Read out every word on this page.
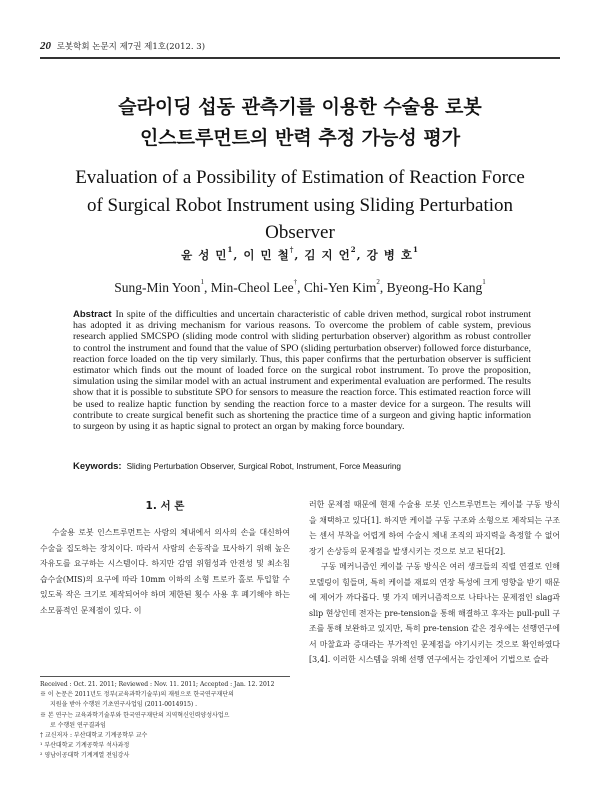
20 로봇학회 논문지 제7권 제1호(2012. 3)
슬라이딩 섭동 관측기를 이용한 수술용 로봇
인스트루먼트의 반력 추정 가능성 평가
Evaluation of a Possibility of Estimation of Reaction Force
of Surgical Robot Instrument using Sliding Perturbation
Observer
윤 성 민$^1$, 이 민 철†, 김 지 언$^2$, 강 병 호$^1$
Sung-Min Yoon$^1$, Min-Cheol Lee†, Chi-Yen Kim$^2$, Byeong-Ho Kang$^1$
Abstract In spite of the difficulties and uncertain characteristic of cable driven method, surgical robot instrument has adopted it as driving mechanism for various reasons. To overcome the problem of cable system, previous research applied SMCSPO (sliding mode control with sliding perturbation observer) algorithm as robust controller to control the instrument and found that the value of SPO (sliding perturbation observer) followed force disturbance, reaction force loaded on the tip very similarly. Thus, this paper confirms that the perturbation observer is sufficient estimator which finds out the mount of loaded force on the surgical robot instrument. To prove the proposition, simulation using the similar model with an actual instrument and experimental evaluation are performed. The results show that it is possible to substitute SPO for sensors to measure the reaction force. This estimated reaction force will be used to realize haptic function by sending the reaction force to a master device for a surgeon. The results will contribute to create surgical benefit such as shortening the practice time of a surgeon and giving haptic information to surgeon by using it as haptic signal to protect an organ by making force boundary.
Keywords: Sliding Perturbation Observer, Surgical Robot, Instrument, Force Measuring
1. 서 론

수술용 로봇 인스트루먼트는 사람의 체내에서 의사의 손을 대신하여 수술을 집도하는 장치이다. 따라서 사람의 손동작을 묘사하기 위해 높은 자유도를 요구하는 시스템이다. 하지만 감염 위험성과 안전성 및 최소침습수술(MIS)의 요구에 따라 10mm 이하의 소형 트로카 홀로 투입할 수 있도록 작은 크기로 제작되어야 하며 제한된 횟수 사용 후 폐기해야 하는 소모품적인 문제점이 있다. 이

러한 문제점 때문에 현재 수술용 로봇 인스트루먼트는 케이블 구동 방식을 채택하고 있다[1]. 하지만 케이블 구동 구조와 소형으로 제작되는 구조는 센서 부착을 어렵게 하여 수술시 체내 조직의 파지력을 측정할 수 없어 장기 손상등의 문제점을 발생시키는 것으로 보고 된다[2].

구동 메커니즘인 케이블 구동 방식은 여러 생크들의 직렬 연결로 인해 모델링이 힘들며, 특히 케이블 재료의 연장 특성에 크게 영향을 받기 때문에 제어가 까다롭다. 몇 가지 메커니즘적으로 나타나는 문제점인 slag과 slip 현상인데 전자는 pre-tension을 통해 해결하고 후자는 pull-pull 구조를 통해 보완하고 있지만, 특히 pre-tension 같은 경우에는 선행연구에서 마찰효과 증대라는 부가적인 문제점을 야기시키는 것으로 확인하였다[3,4]. 이러한 시스템을 위해 선행 연구에서는 강인제어 기법으로 슬라

Received : Oct. 21. 2011; Reviewed : Nov. 11. 2011; Accepted : Jan. 12. 2012
※ 이 논문은 2011년도 정부(교육과학기술부)의 재원으로 한국연구재단의
지원을 받아 수행된 기초연구사업임 (2011-0014915) .
※ 본 연구는 교육과학기술부와 한국연구재단의 지역혁신인력양성사업으
로 수행된 연구결과임
† 교신저자 : 부산대학교 기계공학부 교수
¹ 부산대학교 기계공학부 석사과정
² 영남이공대학 기계계열 전임강사
